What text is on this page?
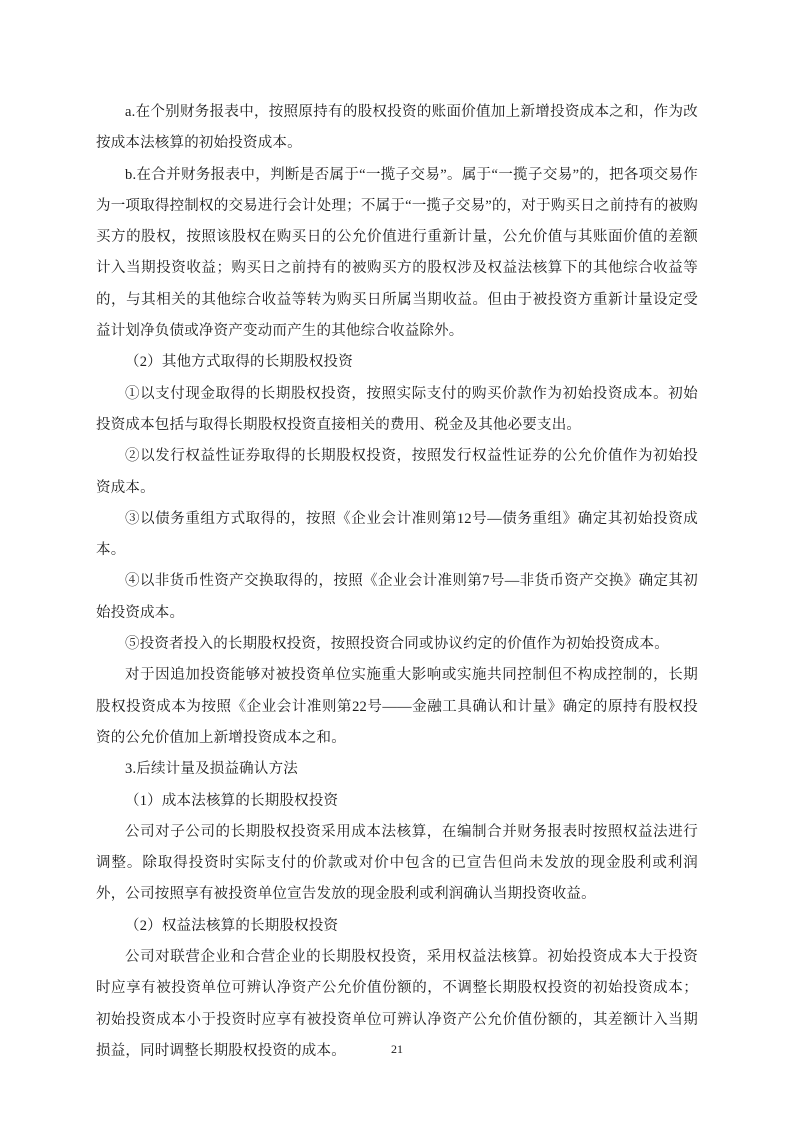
a.在个别财务报表中，按照原持有的股权投资的账面价值加上新增投资成本之和，作为改按成本法核算的初始投资成本。

b.在合并财务报表中，判断是否属于“一揽子交易”。属于“一揽子交易”的，把各项交易作为一项取得控制权的交易进行会计处理；不属于“一揽子交易”的，对于购买日之前持有的被购买方的股权，按照该股权在购买日的公允价值进行重新计量，公允价值与其账面价值的差额计入当期投资收益；购买日之前持有的被购买方的股权涉及权益法核算下的其他综合收益等的，与其相关的其他综合收益等转为购买日所属当期收益。但由于被投资方重新计量设定受益计划净负债或净资产变动而产生的其他综合收益除外。

（2）其他方式取得的长期股权投资

①以支付现金取得的长期股权投资，按照实际支付的购买价款作为初始投资成本。初始投资成本包括与取得长期股权投资直接相关的费用、税金及其他必要支出。

②以发行权益性证券取得的长期股权投资，按照发行权益性证券的公允价值作为初始投资成本。

③以债务重组方式取得的，按照《企业会计准则第12号—债务重组》确定其初始投资成本。

④以非货币性资产交换取得的，按照《企业会计准则第7号—非货币资产交换》确定其初始投资成本。

⑤投资者投入的长期股权投资，按照投资合同或协议约定的价值作为初始投资成本。

对于因追加投资能够对被投资单位实施重大影响或实施共同控制但不构成控制的，长期股权投资成本为按照《企业会计准则第22号——金融工具确认和计量》确定的原持有股权投资的公允价值加上新增投资成本之和。

3.后续计量及损益确认方法

（1）成本法核算的长期股权投资

公司对子公司的长期股权投资采用成本法核算，在编制合并财务报表时按照权益法进行调整。除取得投资时实际支付的价款或对价中包含的已宣告但尚未发放的现金股利或利润外，公司按照享有被投资单位宣告发放的现金股利或利润确认当期投资收益。

（2）权益法核算的长期股权投资

公司对联营企业和合营企业的长期股权投资，采用权益法核算。初始投资成本大于投资时应享有被投资单位可辨认净资产公允价值份额的，不调整长期股权投资的初始投资成本；初始投资成本小于投资时应享有被投资单位可辨认净资产公允价值份额的，其差额计入当期损益，同时调整长期股权投资的成本。	21
